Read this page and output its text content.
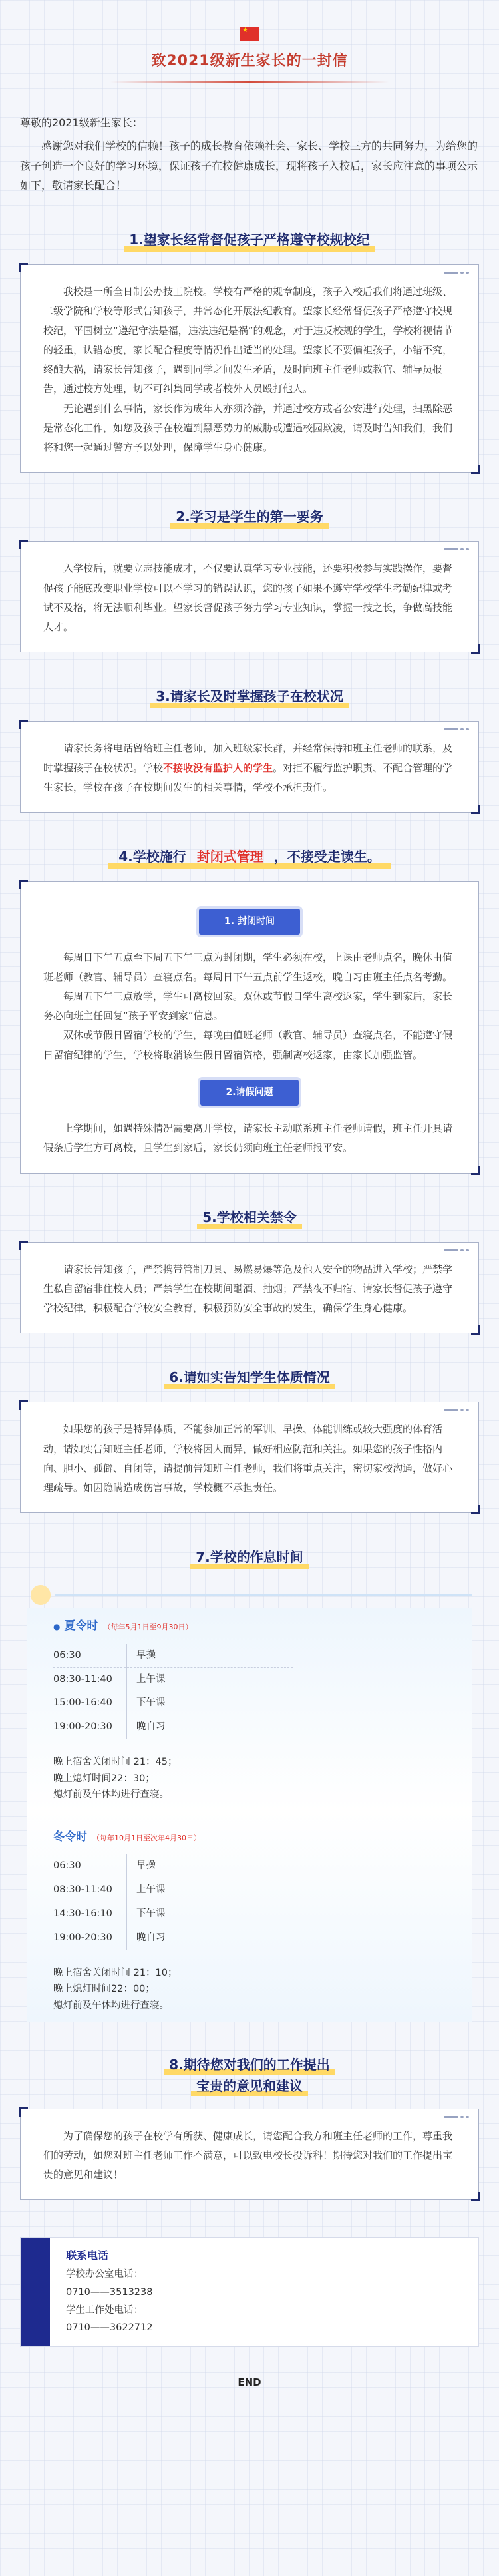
★
致2021级新生家长的一封信
尊敬的2021级新生家长：

感谢您对我们学校的信赖！孩子的成长教育依赖社会、家长、学校三方的共同努力，为给您的孩子创造一个良好的学习环境，保证孩子在校健康成长，现将孩子入校后，家长应注意的事项公示如下，敬请家长配合！

1.望家长经常督促孩子严格遵守校规校纪

我校是一所全日制公办技工院校。学校有严格的规章制度，孩子入校后我们将通过班级、二级学院和学校等形式告知孩子，并常态化开展法纪教育。望家长经常督促孩子严格遵守校规校纪，平国树立“遵纪守法是福，违法违纪是祸”的观念，对于违反校规的学生，学校将视情节的轻重，认错态度，家长配合程度等情况作出适当的处理。望家长不要偏袒孩子，小错不究，终酿大祸，请家长告知孩子，遇到同学之间发生矛盾，及时向班主任老师或教官、辅导员报告，通过校方处理，切不可纠集同学或者校外人员殴打他人。

无论遇到什么事情，家长作为成年人亦须冷静，并通过校方或者公安进行处理，扫黑除恶是常态化工作，如您及孩子在校遭到黑恶势力的威胁或遭遇校园欺凌，请及时告知我们，我们将和您一起通过警方予以处理，保障学生身心健康。

2.学习是学生的第一要务

入学校后，就要立志技能成才，不仅要认真学习专业技能，还要积极参与实践操作，要督促孩子能底改变职业学校可以不学习的错误认识，您的孩子如果不遵守学校学生考勤纪律或考试不及格，将无法顺利毕业。望家长督促孩子努力学习专业知识，掌握一技之长，争做高技能人才。

3.请家长及时掌握孩子在校状况

请家长务将电话留给班主任老师，加入班级家长群，并经常保持和班主任老师的联系，及时掌握孩子在校状况。学校不接收没有监护人的学生。对拒不履行监护职责、不配合管理的学生家长，学校在孩子在校期间发生的相关事情，学校不承担责任。

4.学校施行 封闭式管理 ，不接受走读生。
1. 封闭时间

每周日下午五点至下周五下午三点为封闭期，学生必须在校，上课由老师点名，晚休由值班老师（教官、辅导员）查寝点名。每周日下午五点前学生返校，晚自习由班主任点名考勤。

每周五下午三点放学，学生可离校回家。双休或节假日学生离校返家，学生到家后，家长务必向班主任回复“孩子平安到家”信息。

双休或节假日留宿学校的学生，每晚由值班老师（教官、辅导员）查寝点名，不能遵守假日留宿纪律的学生，学校将取消该生假日留宿资格，强制离校返家，由家长加强监管。

2.请假问题

上学期间，如遇特殊情况需要离开学校，请家长主动联系班主任老师请假，班主任开具请假条后学生方可离校，且学生到家后，家长仍须向班主任老师报平安。

5.学校相关禁令

请家长告知孩子，严禁携带管制刀具、易燃易爆等危及他人安全的物品进入学校；严禁学生私自留宿非住校人员；严禁学生在校期间酗酒、抽烟；严禁夜不归宿、请家长督促孩子遵守学校纪律，积极配合学校安全教育，积极预防安全事故的发生，确保学生身心健康。

6.请如实告知学生体质情况

如果您的孩子是特异体质，不能参加正常的军训、早操、体能训练或较大强度的体育活动，请如实告知班主任老师，学校将因人而异，做好相应防范和关注。如果您的孩子性格内向、胆小、孤僻、自闭等，请提前告知班主任老师，我们将重点关注，密切家校沟通，做好心理疏导。如因隐瞒造成伤害事故，学校概不承担责任。

7.学校的作息时间
● 夏令时 （每年5月1日至9月30日）
06:30	早操
08:30-11:40	上午课
15:00-16:40	下午课
19:00-20:30	晚自习
晚上宿舍关闭时间 21：45；
晚上熄灯时间22：30；
熄灯前及午休均进行查寝。
冬令时 （每年10月1日至次年4月30日）
06:30	早操
08:30-11:40	上午课
14:30-16:10	下午课
19:00-20:30	晚自习
晚上宿舍关闭时间 21：10；
晚上熄灯时间22：00；
熄灯前及午休均进行查寝。
8.期待您对我们的工作提出
宝贵的意见和建议

为了确保您的孩子在校学有所获、健康成长，请您配合我方和班主任老师的工作，尊重我们的劳动，如您对班主任老师工作不满意，可以致电校长投诉科！期待您对我们的工作提出宝贵的意见和建议！

联系电话
学校办公室电话：
0710——3513238
学生工作处电话：
0710——3622712
END
